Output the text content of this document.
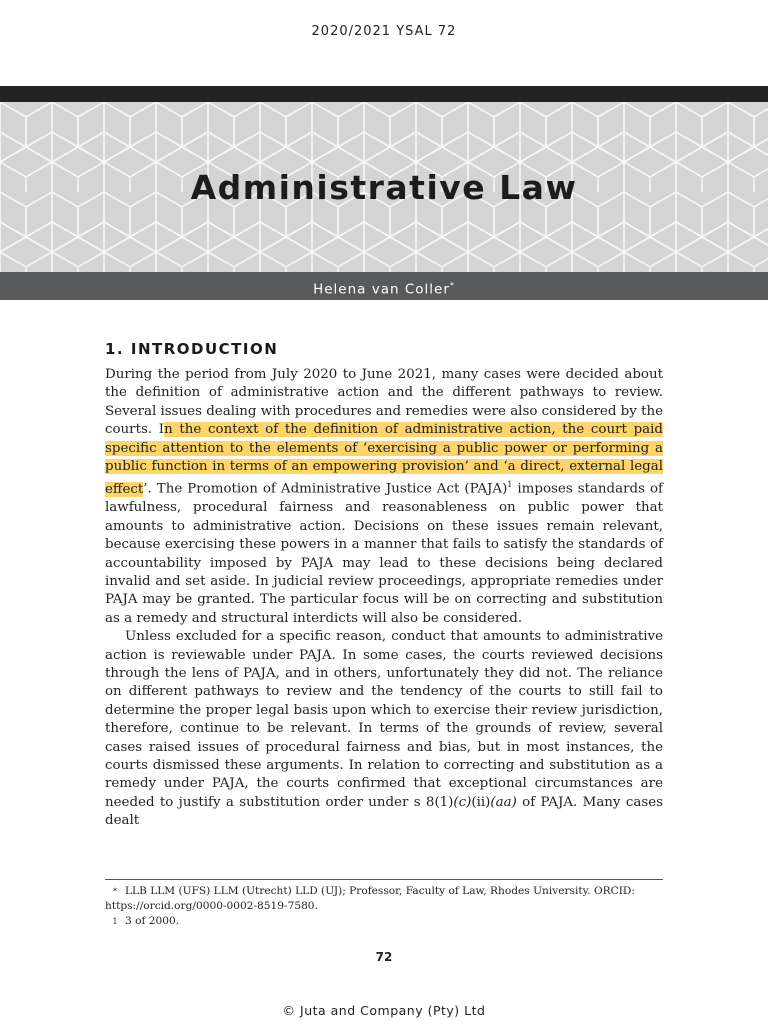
2020/2021 YSAL 72
Administrative Law
Helena van Coller*
1. INTRODUCTION

During the period from July 2020 to June 2021, many cases were decided about the definition of administrative action and the different pathways to review. Several issues dealing with procedures and remedies were also considered by the courts. In the context of the definition of administrative action, the court paid specific attention to the elements of ‘exercising a public power or performing a public function in terms of an empowering provision’ and ‘a direct, external legal effect’. The Promotion of Administrative Justice Act (PAJA)$^1$ imposes standards of lawfulness, procedural fairness and reasonableness on public power that amounts to administrative action. Decisions on these issues remain relevant, because exercising these powers in a manner that fails to satisfy the standards of accountability imposed by PAJA may lead to these decisions being declared invalid and set aside. In judicial review proceedings, appropriate remedies under PAJA may be granted. The particular focus will be on correcting and substitution as a remedy and structural interdicts will also be considered.

Unless excluded for a specific reason, conduct that amounts to administrative action is reviewable under PAJA. In some cases, the courts reviewed decisions through the lens of PAJA, and in others, unfortunately they did not. The reliance on different pathways to review and the tendency of the courts to still fail to determine the proper legal basis upon which to exercise their review jurisdiction, therefore, continue to be relevant. In terms of the grounds of review, several cases raised issues of procedural fairness and bias, but in most instances, the courts dismissed these arguments. In relation to correcting and substitution as a remedy under PAJA, the courts confirmed that exceptional circumstances are needed to justify a substitution order under s 8(1)(c)(ii)(aa) of PAJA. Many cases dealt

* LLB LLM (UFS) LLM (Utrecht) LLD (UJ); Professor, Faculty of Law, Rhodes University. ORCID: https://orcid.org/0000-0002-8519-7580.

1 3 of 2000.

72
© Juta and Company (Pty) Ltd
